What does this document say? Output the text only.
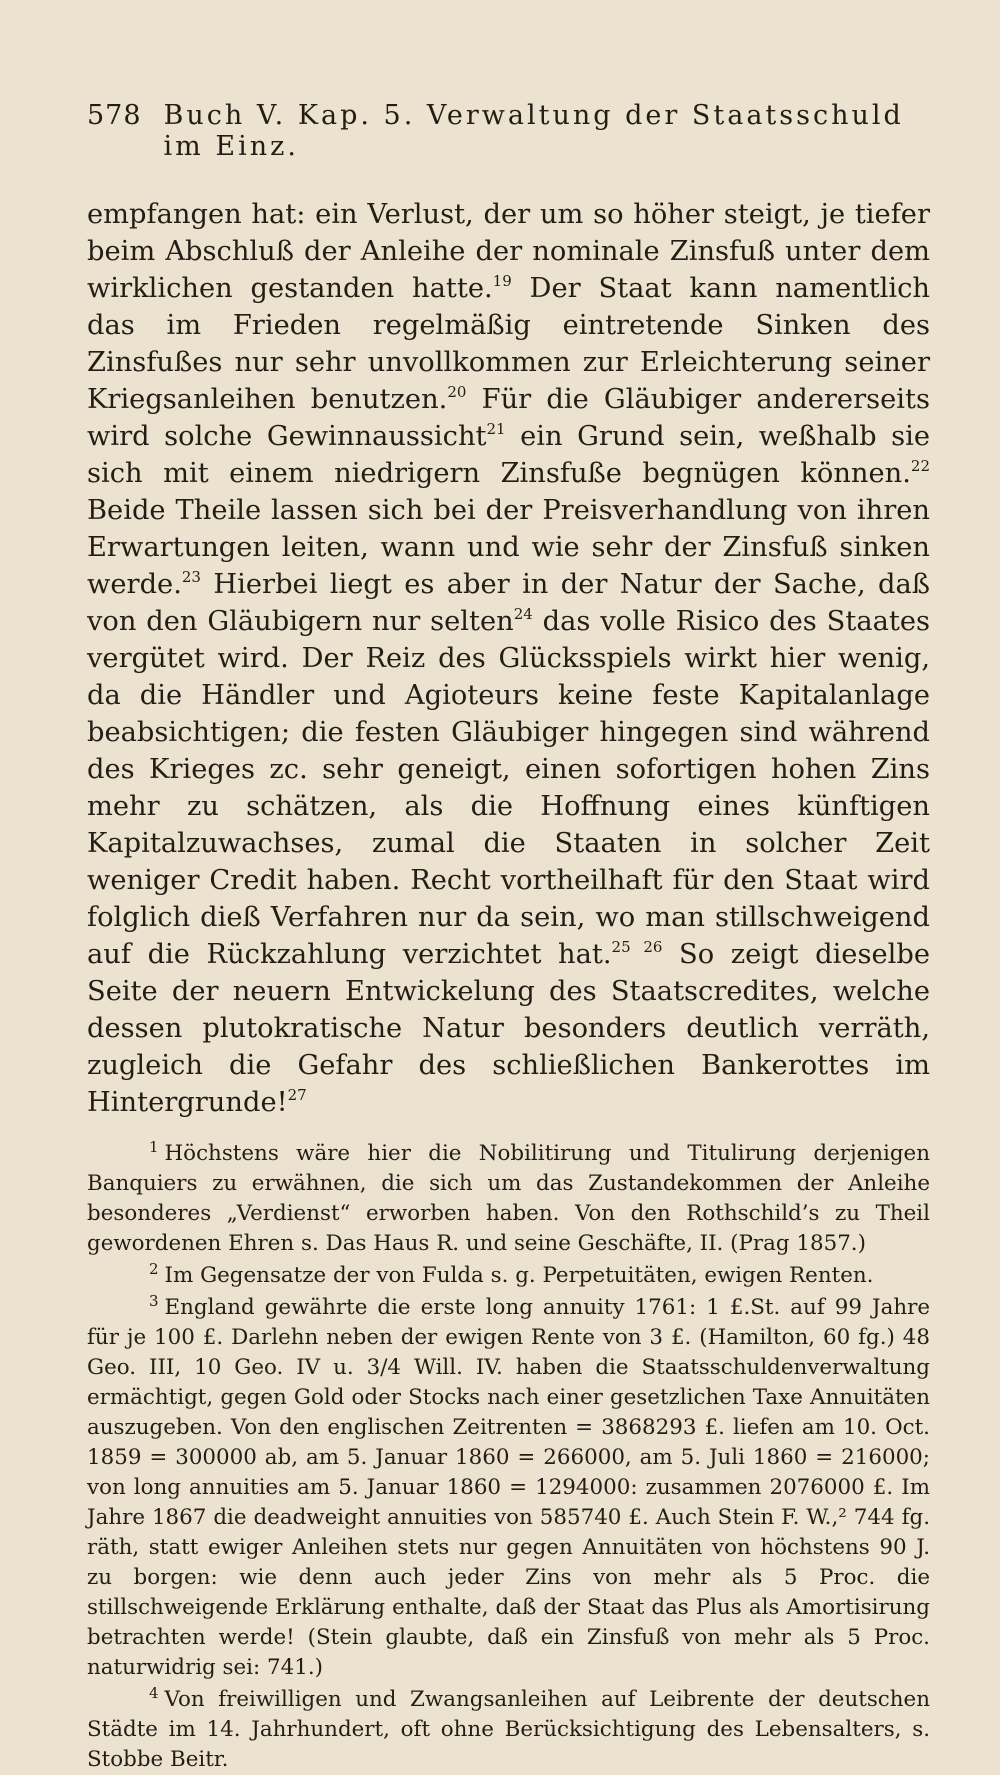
578 Buch V. Kap. 5. Verwaltung der Staatsschuld im Einz.

empfangen hat: ein Verlust, der um so höher steigt, je tiefer beim Abschluß der Anleihe der nominale Zinsfuß unter dem wirklichen gestanden hatte.$^{19}$ Der Staat kann namentlich das im Frieden regelmäßig eintretende Sinken des Zinsfußes nur sehr unvollkommen zur Erleichterung seiner Kriegsanleihen benutzen.$^{20}$ Für die Gläubiger andererseits wird solche Gewinnaussicht$^{21}$ ein Grund sein, weßhalb sie sich mit einem niedrigern Zinsfuße begnügen können.$^{22}$ Beide Theile lassen sich bei der Preisverhandlung von ihren Erwartungen leiten, wann und wie sehr der Zinsfuß sinken werde.$^{23}$ Hierbei liegt es aber in der Natur der Sache, daß von den Gläubigern nur selten$^{24}$ das volle Risico des Staates vergütet wird. Der Reiz des Glücksspiels wirkt hier wenig, da die Händler und Agioteurs keine feste Kapitalanlage beabsichtigen; die festen Gläubiger hingegen sind während des Krieges zc. sehr geneigt, einen sofortigen hohen Zins mehr zu schätzen, als die Hoffnung eines künftigen Kapitalzuwachses, zumal die Staaten in solcher Zeit weniger Credit haben. Recht vortheilhaft für den Staat wird folglich dieß Verfahren nur da sein, wo man stillschweigend auf die Rückzahlung verzichtet hat.$^{25 26}$ So zeigt dieselbe Seite der neuern Entwickelung des Staatscredites, welche dessen plutokratische Natur besonders deutlich verräth, zugleich die Gefahr des schließlichen Bankerottes im Hintergrunde!$^{27}$

$^1$ Höchstens wäre hier die Nobilitirung und Titulirung derjenigen Banquiers zu erwähnen, die sich um das Zustandekommen der Anleihe besonderes „Verdienst“ erworben haben. Von den Rothschild’s zu Theil gewordenen Ehren s. Das Haus R. und seine Geschäfte, II. (Prag 1857.)

$^2$ Im Gegensatze der von Fulda s. g. Perpetuitäten, ewigen Renten.

$^3$ England gewährte die erste long annuity 1761: 1 £.St. auf 99 Jahre für je 100 £. Darlehn neben der ewigen Rente von 3 £. (Hamilton, 60 fg.) 48 Geo. III, 10 Geo. IV u. 3/4 Will. IV. haben die Staatsschuldenverwaltung ermächtigt, gegen Gold oder Stocks nach einer gesetzlichen Taxe Annuitäten auszugeben. Von den englischen Zeitrenten = 3868293 £. liefen am 10. Oct. 1859 = 300000 ab, am 5. Januar 1860 = 266000, am 5. Juli 1860 = 216000; von long annuities am 5. Januar 1860 = 1294000: zusammen 2076000 £. Im Jahre 1867 die deadweight annuities von 585740 £. Auch Stein F. W.,² 744 fg. räth, statt ewiger Anleihen stets nur gegen Annuitäten von höchstens 90 J. zu borgen: wie denn auch jeder Zins von mehr als 5 Proc. die stillschweigende Erklärung enthalte, daß der Staat das Plus als Amortisirung betrachten werde! (Stein glaubte, daß ein Zinsfuß von mehr als 5 Proc. naturwidrig sei: 741.)

$^4$ Von freiwilligen und Zwangsanleihen auf Leibrente der deutschen Städte im 14. Jahrhundert, oft ohne Berücksichtigung des Lebensalters, s. Stobbe Beitr.
